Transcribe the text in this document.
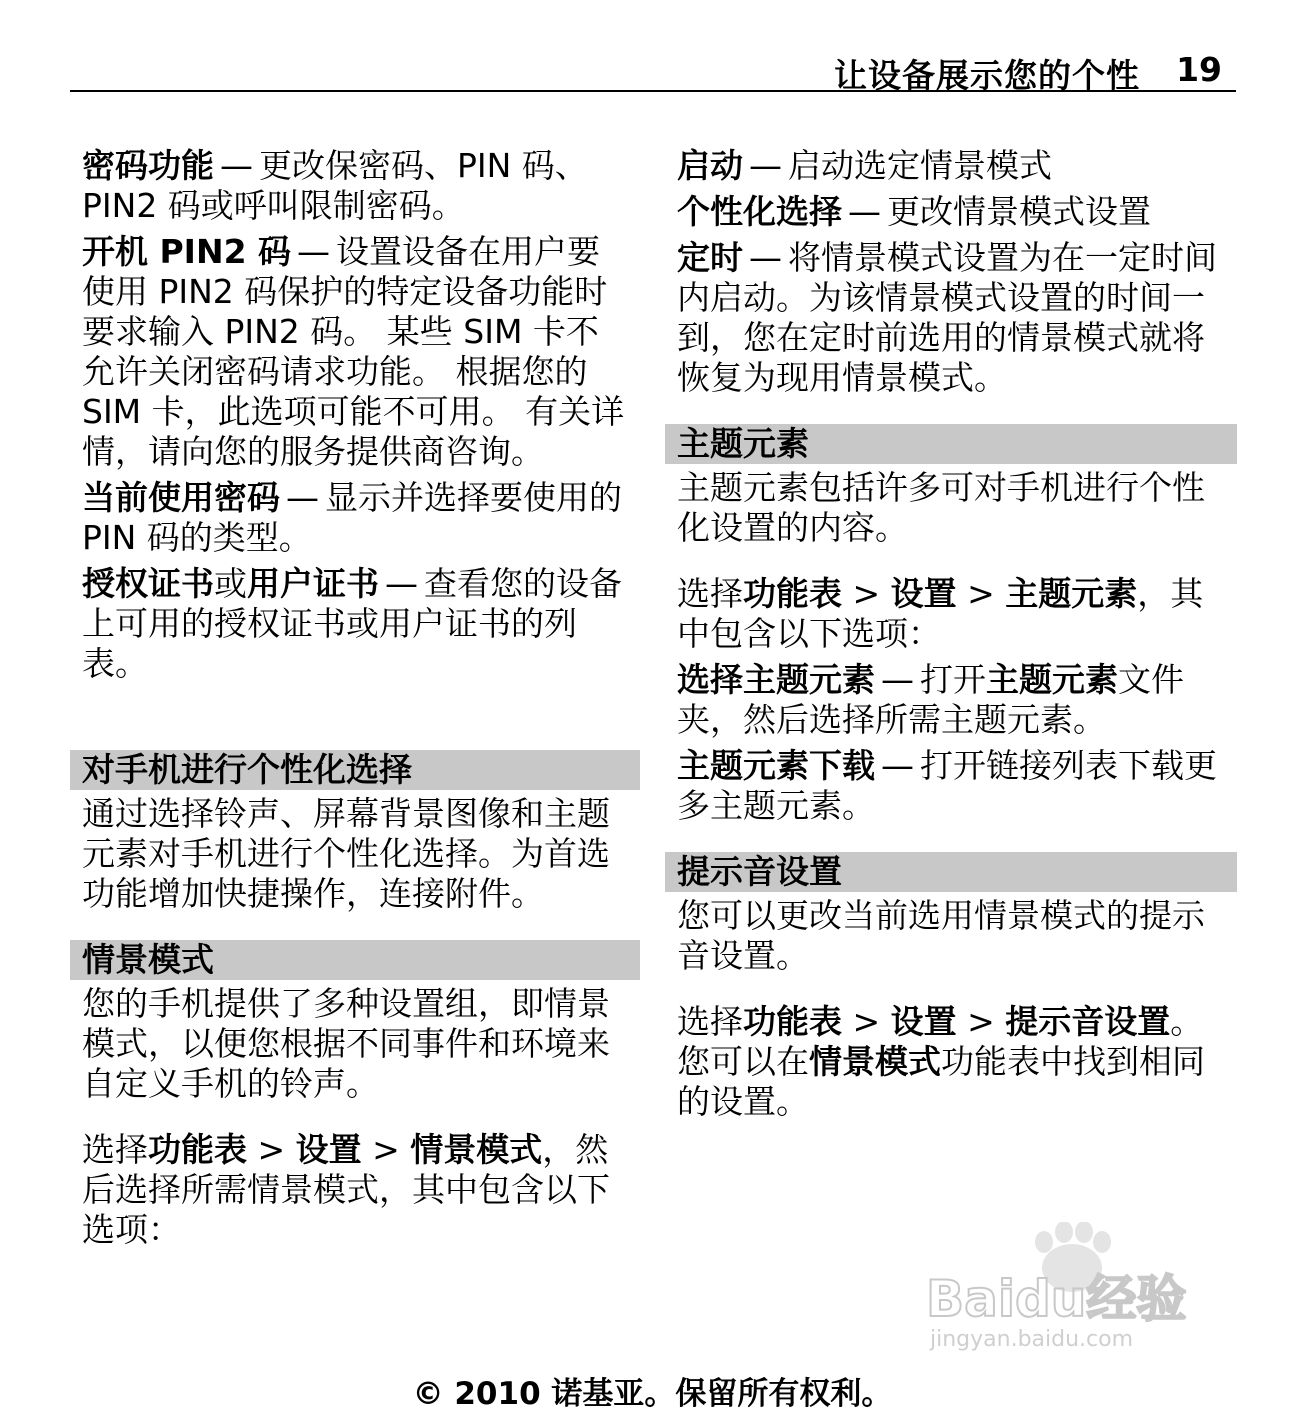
让设备展示您的个性 19

密码功能 — 更改保密码、PIN 码、PIN2 码或呼叫限制密码。

开机 PIN2 码 — 设置设备在用户要使用 PIN2 码保护的特定设备功能时要求输入 PIN2 码。 某些 SIM 卡不允许关闭密码请求功能。 根据您的 SIM 卡，此选项可能不可用。 有关详情，请向您的服务提供商咨询。

当前使用密码 — 显示并选择要使用的 PIN 码的类型。

授权证书或用户证书 — 查看您的设备上可用的授权证书或用户证书的列表。

对手机进行个性化选择

通过选择铃声、屏幕背景图像和主题元素对手机进行个性化选择。为首选功能增加快捷操作，连接附件。

情景模式

您的手机提供了多种设置组，即情景模式，以便您根据不同事件和环境来自定义手机的铃声。

选择功能表 > 设置 > 情景模式，然后选择所需情景模式，其中包含以下选项：

启动 — 启动选定情景模式

个性化选择 — 更改情景模式设置

定时 — 将情景模式设置为在一定时间内启动。为该情景模式设置的时间一到，您在定时前选用的情景模式就将恢复为现用情景模式。

主题元素

主题元素包括许多可对手机进行个性化设置的内容。

选择功能表 > 设置 > 主题元素，其中包含以下选项：

选择主题元素 — 打开主题元素文件夹，然后选择所需主题元素。

主题元素下载 — 打开链接列表下载更多主题元素。

提示音设置

您可以更改当前选用情景模式的提示音设置。

选择功能表 > 设置 > 提示音设置。您可以在情景模式功能表中找到相同的设置。

Baidu经验
jingyan.baidu.com
© 2010 诺基亚。保留所有权利。
